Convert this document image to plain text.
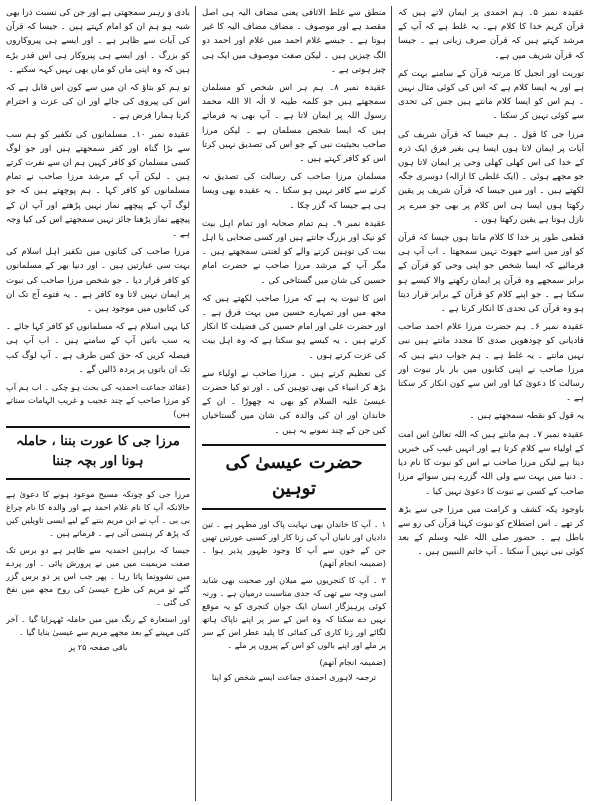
عقیدہ نمبر ۵۔ ہم احمدی پر ایمان لاتے ہیں کہ قرآن کریم خدا کا کلام ہے۔ یہ غلط ہے کہ آپ کے مرشد کہتے ہیں کہ قرآن صرف زبانی ہے ۔ جیسا کہ قرآن شریف میں ہے۔

توریت اور انجیل کا مرتبہ قرآن کے سامنے بہت کم ہے اور یہ ایسا کلام ہے کہ اس کی کوئی مثال نہیں ۔ ہم اس کو ایسا کلام مانتے ہیں جس کی تحدی سے کوئی نہیں کر سکتا ۔

مرزا جی کا قول ۔ ہم جیسا کہ قرآن شریف کی آیات پر ایمان لاتا ہوں ایسا ہی بغیر فرق ایک ذرہ کے خدا کی اس کھلی کھلی وحی پر ایمان لاتا ہوں جو مجھے ہوئی ۔ (ایک غلطی کا ازالہ) دوسری جگہ لکھتے ہیں ۔ اور میں جیسا کہ قرآن شریف پر یقین رکھتا ہوں ایسا ہی اس کلام پر بھی جو میرے پر نازل ہوتا ہے یقین رکھتا ہوں ۔

قطعی طور پر خدا کا کلام مانتا ہوں جیسا کہ قرآن کو اور میں اسے جھوٹ نہیں سمجھتا ۔ اب آپ ہی فرمائیے کہ ایسا شخص جو اپنی وحی کو قرآن کے برابر سمجھے وہ قرآن پر ایمان رکھنے والا کیسے ہو سکتا ہے ۔ جو اپنے کلام کو قرآن کے برابر قرار دیتا ہو وہ قرآن کی تحدی کا انکار کرتا ہے ۔

عقیدہ نمبر ۶۔ ہم حضرت مرزا غلام احمد صاحب قادیانی کو چودھویں صدی کا مجدد مانتے ہیں نبی نہیں مانتے ۔ یہ غلط ہے ۔ ہم جواب دیتے ہیں کہ مرزا صاحب نے اپنی کتابوں میں بار بار نبوت اور رسالت کا دعویٰ کیا اور اس سے کون انکار کر سکتا ہے ۔

یہ قول کو نقطہ سمجھتے ہیں ۔

عقیدہ نمبر ۷۔ ہم مانتے ہیں کہ اللہ تعالیٰ اس امت کے اولیاء سے کلام کرتا ہے اور انہیں غیب کی خبریں دیتا ہے لیکن مرزا صاحب نے اس کو نبوت کا نام دیا ۔ دنیا میں بہت سے ولی اللہ گزرے ہیں سوائے مرزا صاحب کے کسی نے نبوت کا دعویٰ نہیں کیا ۔

باوجود یکہ کشف و کرامت میں مرزا جی سے بڑھ کر تھے ۔ اس اصطلاح کو نبوت کہنا قرآن کی رو سے باطل ہے ۔ حضور صلی اللہ علیہ وسلم کے بعد کوئی نبی نہیں آ سکتا ۔ آپ خاتم النبیین ہیں ۔

منطق سے غلط الاثافی یعنی مضاف الیہ ہی اصل مقصد ہے اور موصوف ۔ مضاف مضاف الیہ کا غیر ہوتا ہے ۔ جیسے غلام احمد میں غلام اور احمد دو الگ چیزیں ہیں ۔ لیکن صفت موصوف میں ایک ہی چیز ہوتی ہے ۔

عقیدہ نمبر ۸۔ ہم ہر اس شخص کو مسلمان سمجھتے ہیں جو کلمہ طیبہ لا الٰہ الا اللہ محمد رسول اللہ پر ایمان لاتا ہے ۔ آپ بھی یہ فرماتے ہیں کہ ایسا شخص مسلمان ہے ۔ لیکن مرزا صاحب بحیثیت نبی کے جو اس کی تصدیق نہیں کرتا اس کو کافر کہتے ہیں ۔

مسلمان مرزا صاحب کی رسالت کی تصدیق نہ کرنے سے کافر نہیں ہو سکتا ۔ یہ عقیدہ بھی ویسا ہی ہے جیسا کہ گزر چکا ۔

عقیدہ نمبر ۹۔ ہم تمام صحابہ اور تمام اہل بیت کو نیک اور بزرگ جانتے ہیں اور کسی صحابی یا اہل بیت کی توہین کرنے والے کو لعنتی سمجھتے ہیں ۔ مگر آپ کے مرشد مرزا صاحب نے حضرت امام حسین کی شان میں گستاخی کی ۔

اس کا ثبوت یہ ہے کہ مرزا صاحب لکھتے ہیں کہ مجھ میں اور تمہارے حسین میں بہت فرق ہے ۔ اور حضرت علی اور امام حسین کی فضیلت کا انکار کرتے ہیں ۔ یہ کیسے ہو سکتا ہے کہ وہ اہل بیت کی عزت کرتے ہوں ۔

کی تعظیم کرتے ہیں ۔ مرزا صاحب نے اولیاء سے بڑھ کر انبیاء کی بھی توہین کی ۔ اور تو کیا حضرت عیسیٰ علیہ السلام کو بھی نہ چھوڑا ۔ ان کے خاندان اور ان کی والدہ کی شان میں گستاخیاں کیں جن کے چند نمونے یہ ہیں ۔

حضرت عیسیٰ کی توہین

۱ ۔ آپ کا خاندان بھی نہایت پاک اور مطہر ہے ۔ تین دادیاں اور نانیاں آپ کی زنا کار اور کسبی عورتیں تھیں جن کے خون سے آپ کا وجود ظہور پذیر ہوا ۔ (ضمیمہ انجام آتھم)

۲ ۔ آپ کا کنجریوں سے میلان اور صحبت بھی شاید اسی وجہ سے تھی کہ جدی مناسبت درمیان ہے ۔ ورنہ کوئی پرہیزگار انسان ایک جوان کنجری کو یہ موقع نہیں دے سکتا کہ وہ اس کے سر پر اپنے ناپاک ہاتھ لگائے اور زنا کاری کی کمائی کا پلید عطر اس کے سر پر ملے اور اپنے بالوں کو اس کے پیروں پر ملے ۔

(ضمیمہ انجام آتھم)

ترجمہ لاہوری احمدی جماعت ایسے شخص کو اپنا

بادی و رہبر سمجھتی ہے اور جن کی نسبت ذرا بھی شبہ ہو ہم ان کو امام کہتے ہیں ۔ جیسا کہ قرآن کی آیات سے ظاہر ہے ۔ اور ایسے ہی پیروکاروں کو بزرگ ۔ اور ایسے ہی پیروکار ہی اس قدر بڑے ہیں کہ وہ اپنی ماں کو ماں بھی نہیں کہہ سکتے ۔

تو ہم کو بتاؤ کہ ان میں سے کون اس قابل ہے کہ اس کی پیروی کی جائے اور ان کی عزت و احترام کرنا ہمارا فرض ہے ۔

عقیدہ نمبر ۱۰۔ مسلمانوں کی تکفیر کو ہم سب سے بڑا گناہ اور کفر سمجھتے ہیں اور جو لوگ کسی مسلمان کو کافر کہیں ہم ان سے نفرت کرتے ہیں ۔ لیکن آپ کے مرشد مرزا صاحب نے تمام مسلمانوں کو کافر کہا ۔ ہم پوچھتے ہیں کہ جو لوگ آپ کے پیچھے نماز نہیں پڑھتے اور آپ ان کے پیچھے نماز پڑھنا جائز نہیں سمجھتے اس کی کیا وجہ ہے ۔

مرزا صاحب کی کتابوں میں تکفیر اہل اسلام کی بہت سی عبارتیں ہیں ۔ اور دنیا بھر کے مسلمانوں کو کافر قرار دیا ۔ جو شخص مرزا صاحب کی نبوت پر ایمان نہیں لاتا وہ کافر ہے ۔ یہ فتوے آج تک ان کی کتابوں میں موجود ہیں ۔

کیا یہی اسلام ہے کہ مسلمانوں کو کافر کہا جائے ۔ یہ سب باتیں آپ کے سامنے ہیں ۔ اب آپ ہی فیصلہ کریں کہ حق کس طرف ہے ۔ آپ لوگ کب تک ان باتوں پر پردہ ڈالیں گے ۔

(عقائد جماعت احمدیہ کی بحث ہو چکی ۔ اب ہم آپ کو مرزا صاحب کے چند عجیب و غریب الہامات سناتے ہیں)

مرزا جی کا عورت بننا ، حاملہ ہونا اور بچہ جننا

مرزا جی کو چونکہ مسیح موعود ہونے کا دعویٰ ہے حالانکہ آپ کا نام غلام احمد ہے اور والدہ کا نام چراغ بی بی ۔ آپ نے ابن مریم بننے کے لیے ایسی تاویلیں کیں کہ پڑھ کر ہنسی آتی ہے ۔ فرماتے ہیں ۔

جیسا کہ براہین احمدیہ سے ظاہر ہے دو برس تک صفت مریمیت میں میں نے پرورش پائی ۔ اور پردے میں نشوونما پاتا رہا ۔ پھر جب اس پر دو برس گزر گئے تو مریم کی طرح عیسیٰ کی روح مجھ میں نفخ کی گئی ۔

اور استعارہ کے رنگ میں میں حاملہ ٹھہرایا گیا ۔ آخر کئی مہینے کے بعد مجھے مریم سے عیسیٰ بنایا گیا ۔

باقی صفحہ ۲۵ پر
